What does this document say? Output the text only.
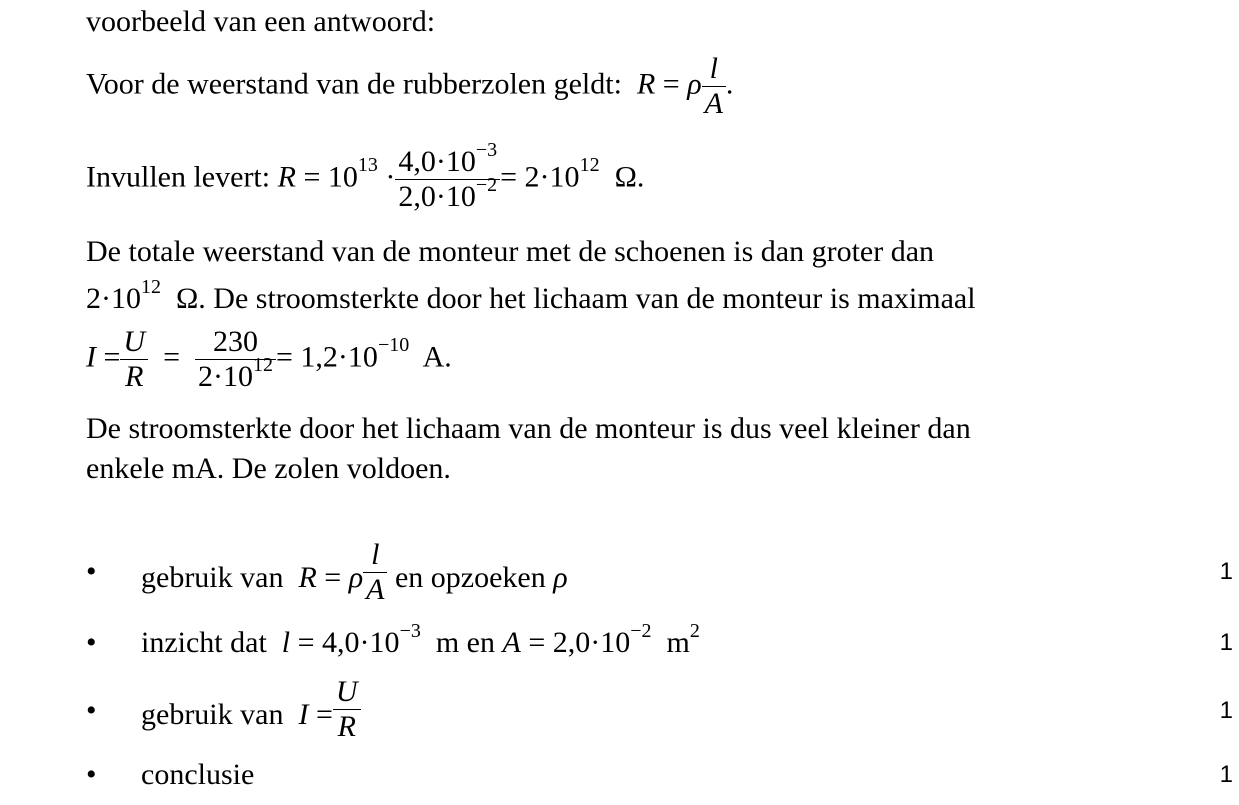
voorbeeld van een antwoord:
Voor de weerstand van de rubberzolen geldt:  R = ρ $\frac{l}{A}$ .
Invullen levert: $R = 10^{13} \cdot \frac{4,0\cdot 10^{-3}}{2,0\cdot 10^{-2}} = 2\cdot 10^{12}$ Ω.
De totale weerstand van de monteur met de schoenen is dan groter dan
$2\cdot 10^{12}$  Ω. De stroomsterkte door het lichaam van de monteur is maximaal
$I = \frac{U}{R} = \frac{230}{2\cdot 10^{12}} = 1,2\cdot 10^{-10}$ A.
De stroomsterkte door het lichaam van de monteur is dus veel kleiner dan
enkele mA. De zolen voldoen.
• gebruik van R = ρ $\frac{l}{A}$ en opzoeken ρ	1
• inzicht dat $l = 4,0\cdot 10^{-3}$ m en $A = 2,0\cdot 10^{-2}$ $m^2$	1
• gebruik van $I = \frac{U}{R}$	1
• conclusie	1
